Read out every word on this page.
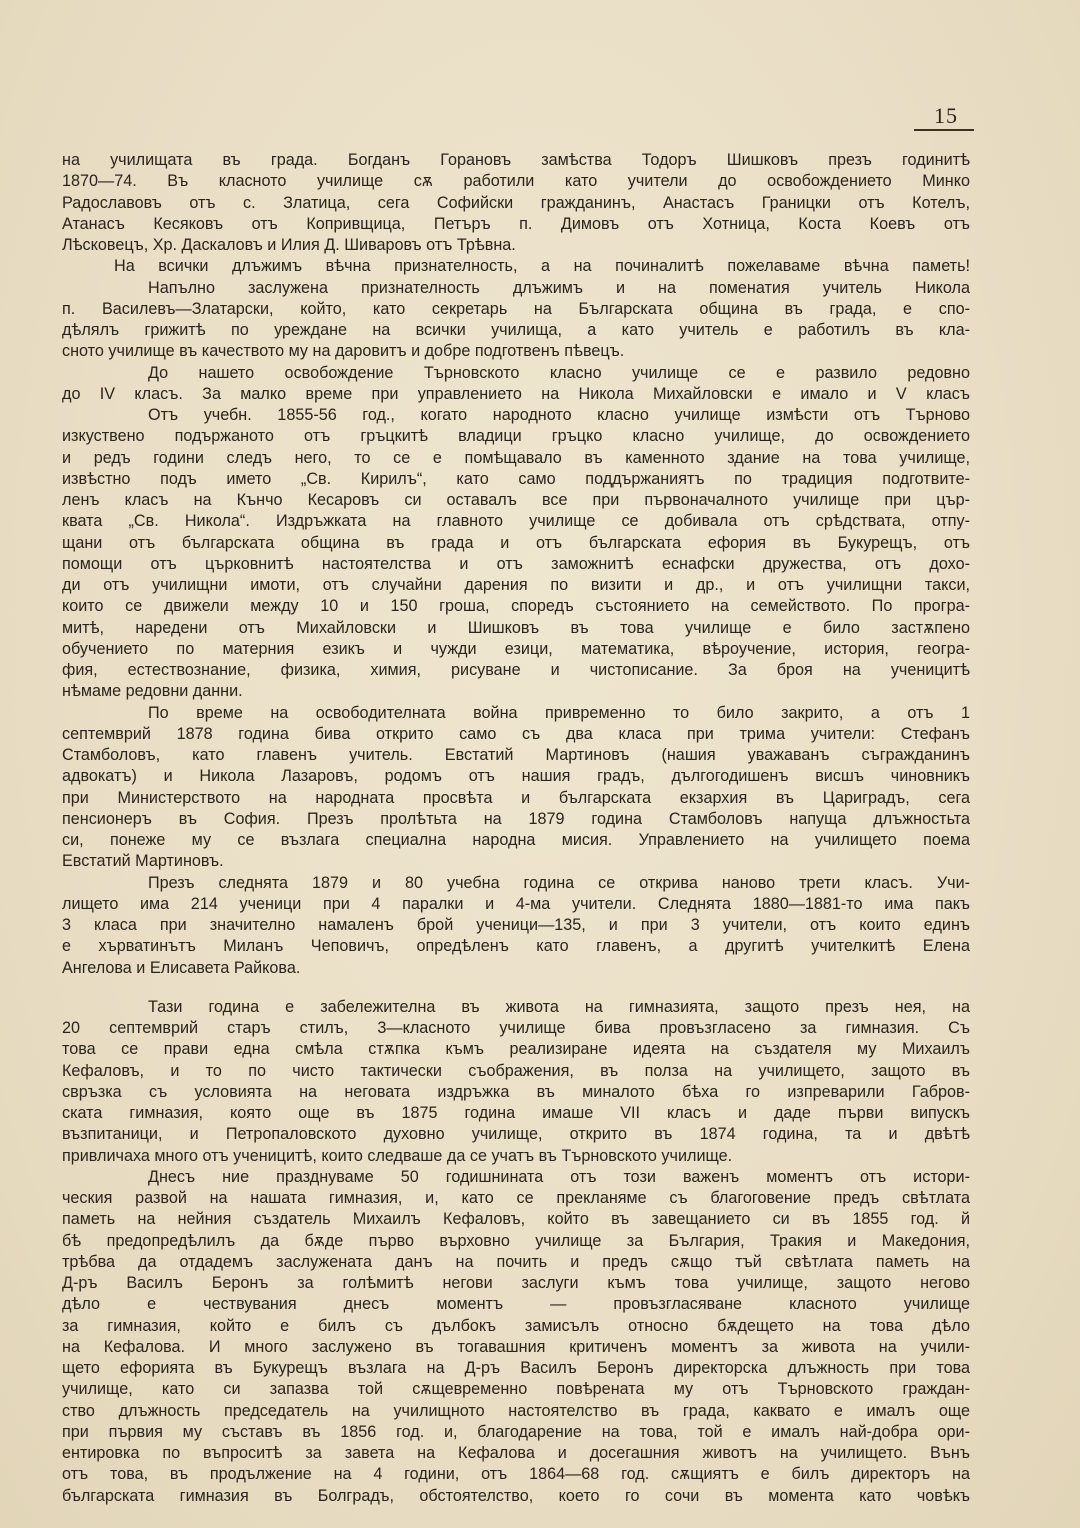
15
на училищата въ града. Богданъ Горановъ замѣства Тодоръ Шишковъ презъ годинитѣ
1870—74. Въ класното училище сѫ работили като учители до освобождението Минко
Радославовъ отъ с. Златица, сега Софийски гражданинъ, Анастасъ Границки отъ Котелъ,
Атанасъ Кесяковъ отъ Копривщица, Петъръ п. Димовъ отъ Хотница, Коста Коевъ отъ
Лѣсковецъ, Хр. Даскаловъ и Илия Д. Шиваровъ отъ Трѣвна.
На всички длъжимъ вѣчна признателность, а на починалитѣ пожелаваме вѣчна паметь!
Напълно заслужена признателность длъжимъ и на поменатия учитель Никола
п. Василевъ—Златарски, който, като секретарь на Българската община въ града, е спо-
дѣлялъ грижитѣ по уреждане на всички училища, а като учитель е работилъ въ кла-
сното училище въ качеството му на даровитъ и добре подготвенъ пѣвецъ.
До нашето освобождение Търновското класно училище се е развило редовно
до IV класъ. За малко време при управлението на Никола Михайловски е имало и V класъ
Отъ учебн. 1855-56 год., когато народното класно училище измѣсти отъ Търново
изкуствено подържаното отъ гръцкитѣ владици гръцко класно училище, до освождението
и редъ години следъ него, то се е помѣщавало въ каменното здание на това училище,
извѣстно подъ името „Св. Кирилъ“, като само поддържаниятъ по традиция подготвите-
ленъ класъ на Кънчо Кесаровъ си оставалъ все при първоначалното училище при цър-
квата „Св. Никола“. Издръжката на главното училище се добивала отъ срѣдствата, отпу-
щани отъ българската община въ града и отъ българската ефория въ Букурещъ, отъ
помощи отъ църковнитѣ настоятелства и отъ заможнитѣ еснафски дружества, отъ дохо-
ди отъ училищни имоти, отъ случайни дарения по визити и др., и отъ училищни такси,
които се движели между 10 и 150 гроша, споредъ състоянието на семейството. По програ-
митѣ, наредени отъ Михайловски и Шишковъ въ това училище е било застѫпено
обучението по матерния езикъ и чужди езици, математика, вѣроучение, история, геогра-
фия, естествознание, физика, химия, рисуване и чистописание. За броя на ученицитѣ
нѣмаме редовни данни.
По време на освободителната война привременно то било закрито, а отъ 1
септемврий 1878 година бива открито само съ два класа при трима учители: Стефанъ
Стамболовъ, като главенъ учитель. Евстатий Мартиновъ (нашия уважаванъ съгражданинъ
адвокатъ) и Никола Лазаровъ, родомъ отъ нашия градъ, дългогодишенъ висшъ чиновникъ
при Министерството на народната просвѣта и българската екзархия въ Цариградъ, сега
пенсионеръ въ София. Презъ пролѣтьта на 1879 година Стамболовъ напуща длъжностьта
си, понеже му се възлага специална народна мисия. Управлението на училището поема
Евстатий Мартиновъ.
Презъ следнята 1879 и 80 учебна година се открива наново трети класъ. Учи-
лището има 214 ученици при 4 паралки и 4-ма учители. Следнята 1880—1881-то има пакъ
3 класа при значително намаленъ брой ученици—135, и при 3 учители, отъ които единъ
е хърватинътъ Миланъ Чеповичъ, опредѣленъ като главенъ, а другитѣ учителкитѣ Елена
Ангелова и Елисавета Райкова.
Тази година е забележителна въ живота на гимназията, защото презъ нея, на
20 септемврий старъ стилъ, 3—класното училище бива провъзгласено за гимназия. Съ
това се прави една смѣла стѫпка къмъ реализиране идеята на създателя му Михаилъ
Кефаловъ, и то по чисто тактически съображения, въ полза на училището, защото въ
свръзка съ условията на неговата издръжка въ миналото бѣха го изпреварили Габров-
ската гимназия, която още въ 1875 година имаше VII класъ и даде първи випускъ
възпитаници, и Петропаловското духовно училище, открито въ 1874 година, та и двѣтѣ
привличаха много отъ ученицитѣ, които следваше да се учатъ въ Търновското училище.
Днесъ ние празднуваме 50 годишнината отъ този важенъ моментъ отъ истори-
ческия развой на нашата гимназия, и, като се прекланяме съ благоговение предъ свѣтлата
паметь на нейния създатель Михаилъ Кефаловъ, който въ завещанието си въ 1855 год. й
бѣ предопредѣлилъ да бѫде първо върховно училище за България, Тракия и Македония,
трѣбва да отдадемъ заслужената данъ на почить и предъ сѫщо тъй свѣтлата паметь на
Д-ръ Василъ Беронъ за голѣмитѣ негови заслуги къмъ това училище, защото негово
дѣло е чествувания днесъ моментъ — провъзгласяване класното училище
за гимназия, който е билъ съ дълбокъ замисълъ относно бѫдещето на това дѣло
на Кефалова. И много заслужено въ тогавашния критиченъ моментъ за живота на учили-
щето ефорията въ Букурещъ възлага на Д-ръ Василъ Беронъ директорска длъжность при това
училище, като си запазва той сѫщевременно повѣрената му отъ Търновското граждан-
ство длъжность председатель на училищното настоятелство въ града, каквато е ималъ още
при първия му съставъ въ 1856 год. и, благодарение на това, той е ималъ най-добра ори-
ентировка по въпроситѣ за завета на Кефалова и досегашния животъ на училището. Вънъ
отъ това, въ продължение на 4 години, отъ 1864—68 год. сѫщиятъ е билъ директоръ на
българската гимназия въ Болградъ, обстоятелство, което го сочи въ момента като човѣкъ
